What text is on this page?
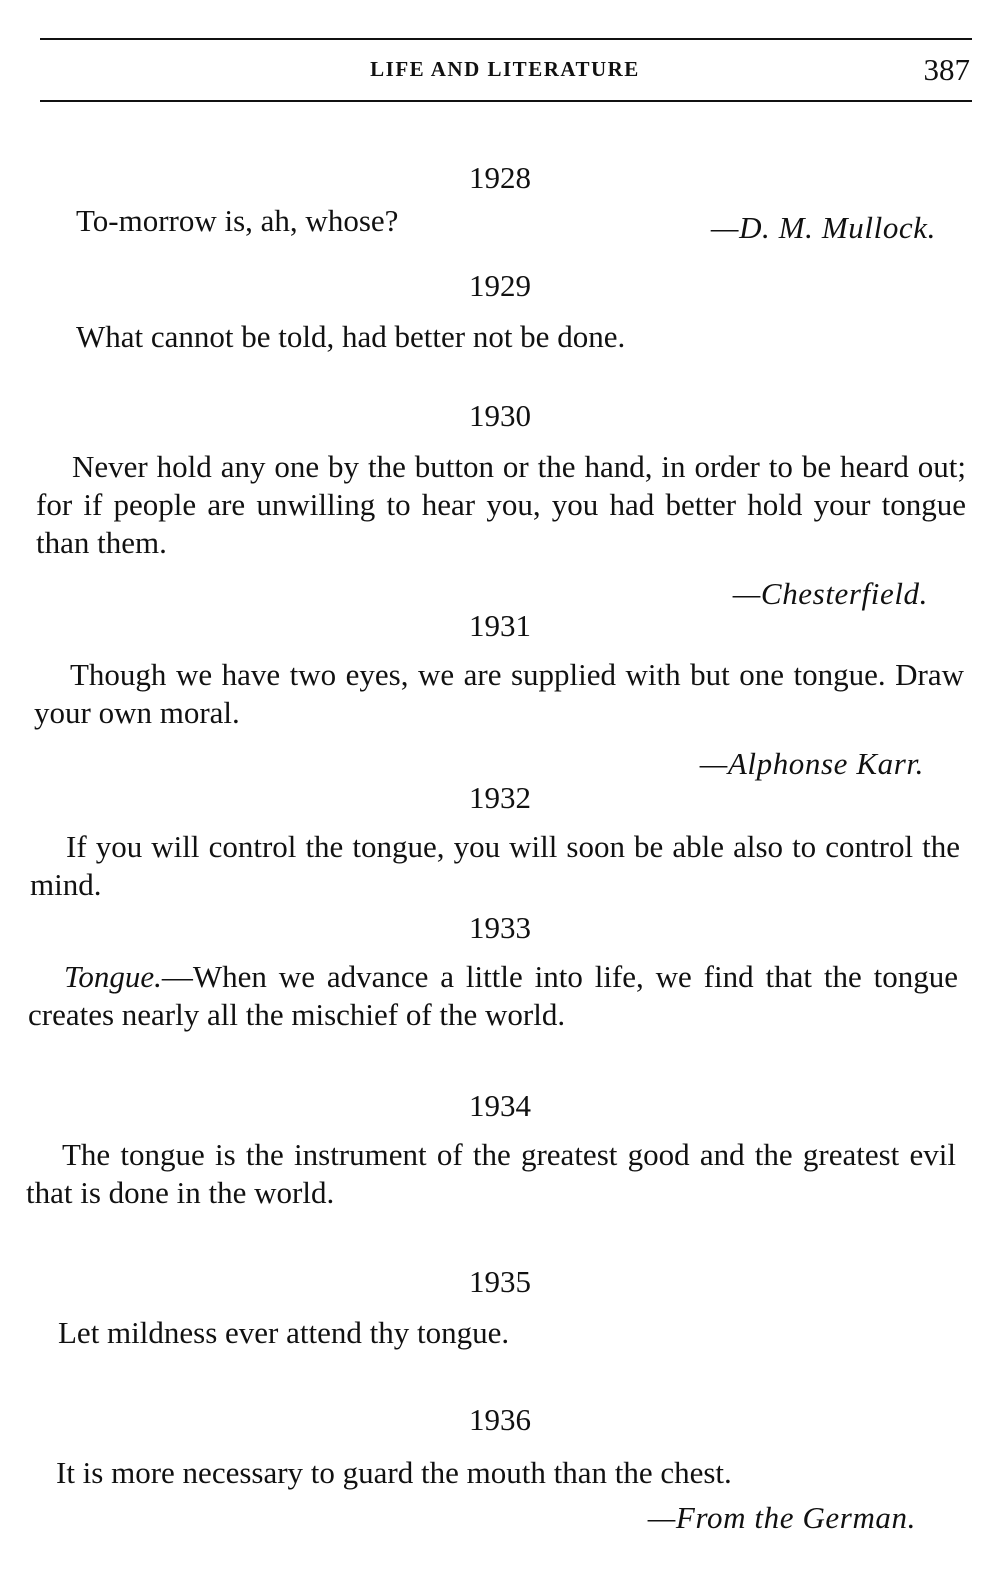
LIFE AND LITERATURE	387
1928
To-morrow is, ah, whose?	—D. M. Mullock.
1929
What cannot be told, had better not be done.
1930
Never hold any one by the button or the hand, in order to be heard out; for if people are unwilling to hear you, you had better hold your tongue than them.
—Chesterfield.
1931
Though we have two eyes, we are supplied with but one tongue. Draw your own moral.
—Alphonse Karr.
1932
If you will control the tongue, you will soon be able also to control the mind.
1933
Tongue.—When we advance a little into life, we find that the tongue creates nearly all the mischief of the world.
1934
The tongue is the instrument of the greatest good and the greatest evil that is done in the world.
1935
Let mildness ever attend thy tongue.
1936
It is more necessary to guard the mouth than the chest.
—From the German.
